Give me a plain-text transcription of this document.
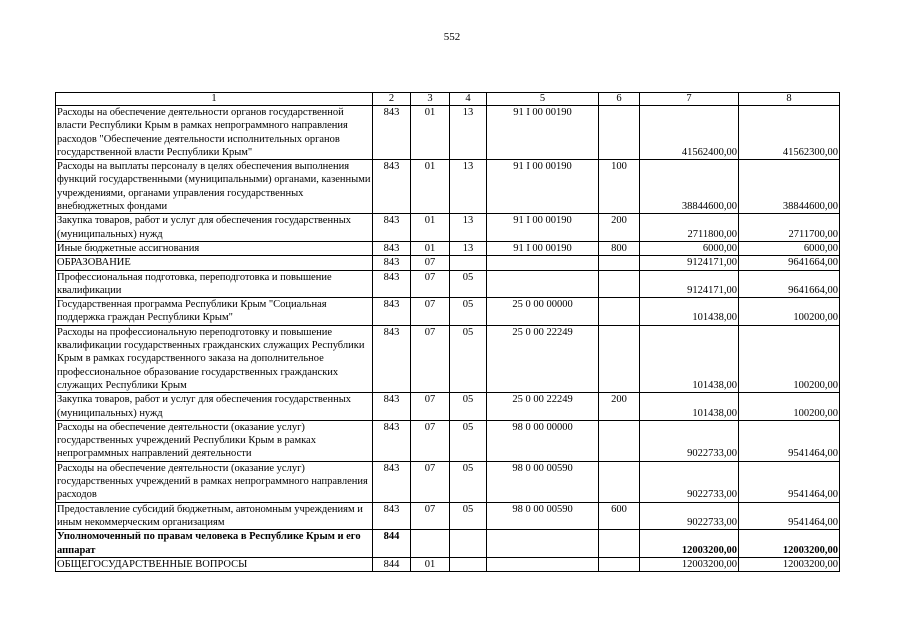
552
1	2	3	4	5	6	7	8
Расходы на обеспечение деятельности органов государственной власти Республики Крым в рамках непрограммного направления расходов "Обеспечение деятельности исполнительных органов государственной власти Республики Крым"	843	01	13	91 I 00 00190		41562400,00	41562300,00
Расходы на выплаты персоналу в целях обеспечения выполнения функций государственными (муниципальными) органами, казенными учреждениями, органами управления государственных внебюджетных фондами	843	01	13	91 I 00 00190	100	38844600,00	38844600,00
Закупка товаров, работ и услуг для обеспечения государственных (муниципальных) нужд	843	01	13	91 I 00 00190	200	2711800,00	2711700,00
Иные бюджетные ассигнования	843	01	13	91 I 00 00190	800	6000,00	6000,00
ОБРАЗОВАНИЕ	843	07				9124171,00	9641664,00
Профессиональная подготовка, переподготовка и повышение квалификации	843	07	05			9124171,00	9641664,00
Государственная программа Республики Крым "Социальная поддержка граждан Республики Крым"	843	07	05	25 0 00 00000		101438,00	100200,00
Расходы на профессиональную переподготовку и повышение квалификации государственных гражданских служащих Республики Крым в рамках государственного заказа на дополнительное профессиональное образование государственных гражданских служащих Республики Крым	843	07	05	25 0 00 22249		101438,00	100200,00
Закупка товаров, работ и услуг для обеспечения государственных (муниципальных) нужд	843	07	05	25 0 00 22249	200	101438,00	100200,00
Расходы на обеспечение деятельности (оказание услуг) государственных учреждений Республики Крым в рамках непрограммных направлений деятельности	843	07	05	98 0 00 00000		9022733,00	9541464,00
Расходы на обеспечение деятельности (оказание услуг) государственных учреждений в рамках непрограммного направления расходов	843	07	05	98 0 00 00590		9022733,00	9541464,00
Предоставление субсидий бюджетным, автономным учреждениям и иным некоммерческим организациям	843	07	05	98 0 00 00590	600	9022733,00	9541464,00
Уполномоченный по правам человека в Республике Крым и его аппарат	844					12003200,00	12003200,00
ОБЩЕГОСУДАРСТВЕННЫЕ ВОПРОСЫ	844	01				12003200,00	12003200,00
